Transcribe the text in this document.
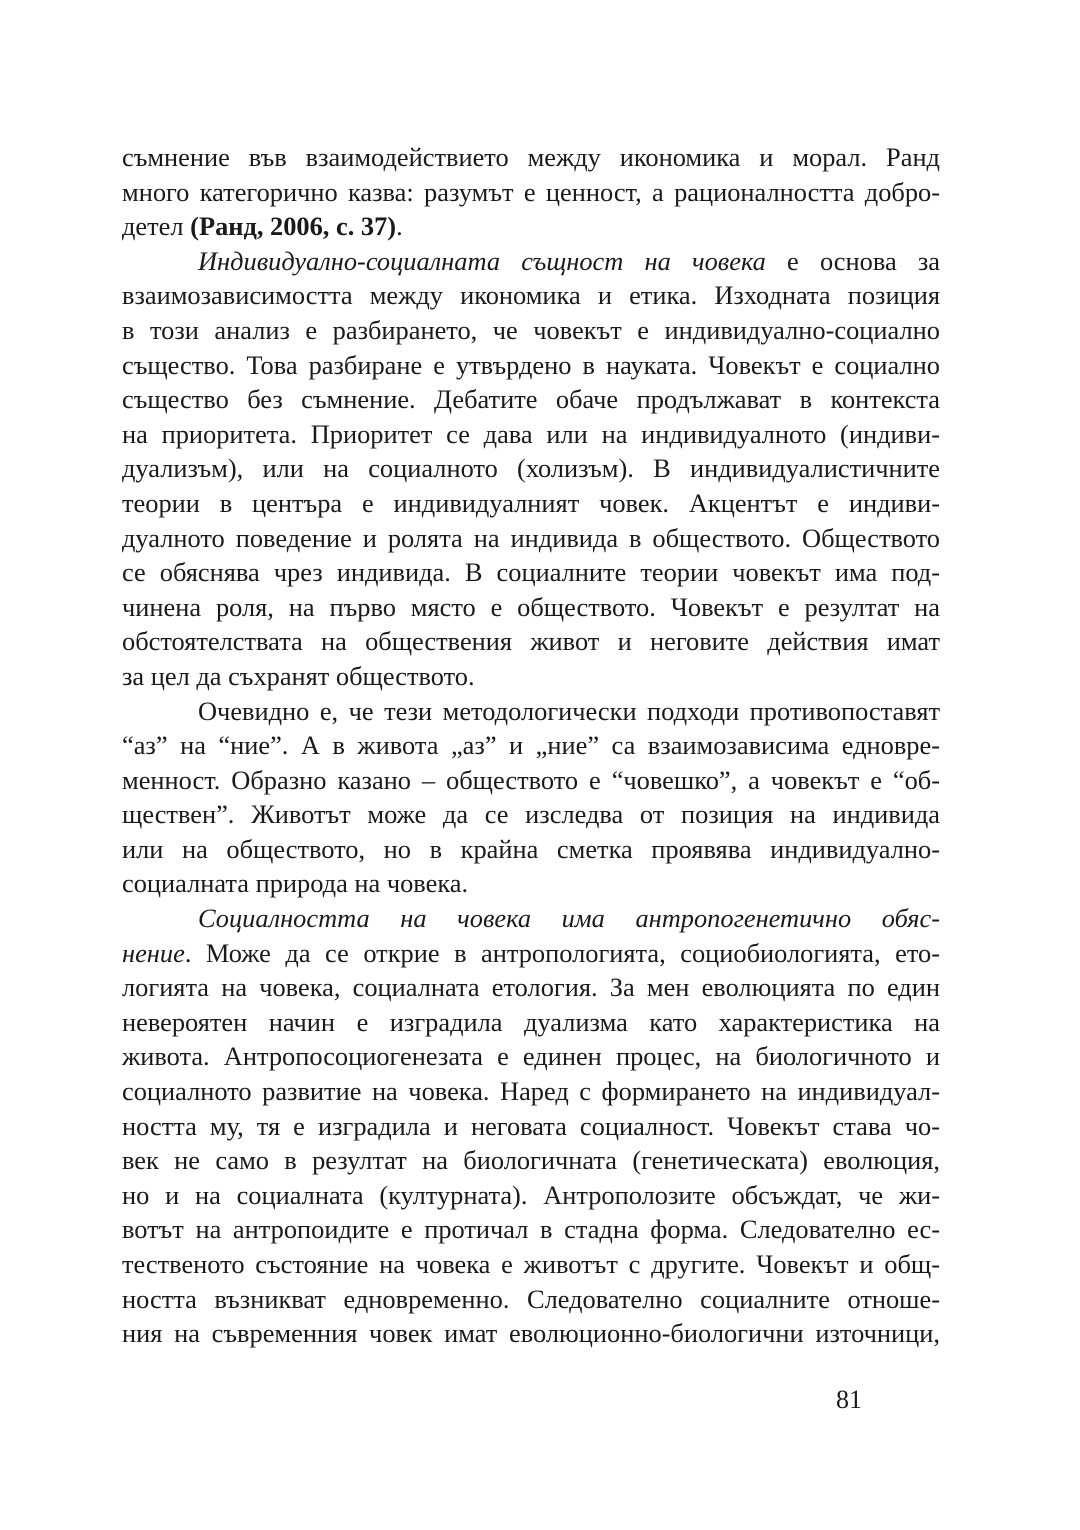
съмнение във взаимодействието между икономика и морал. Ранд
много категорично казва: разумът е ценност, а рационалността добро-
детел (Ранд, 2006, с. 37).
Индивидуално-социалната същност на човека е основа за
взаимозависимостта между икономика и етика. Изходната позиция
в този анализ е разбирането, че човекът е индивидуално-социално
същество. Това разбиране е утвърдено в науката. Човекът е социално
същество без съмнение. Дебатите обаче продължават в контекста
на приоритета. Приоритет се дава или на индивидуалното (индиви-
дуализъм), или на социалното (холизъм). В индивидуалистичните
теории в центъра е индивидуалният човек. Акцентът е индиви-
дуалното поведение и ролята на индивида в обществото. Обществото
се обяснява чрез индивида. В социалните теории човекът има под-
чинена роля, на първо място е обществото. Човекът е резултат на
обстоятелствата на обществения живот и неговите действия имат
за цел да съхранят обществото.
Очевидно е, че тези методологически подходи противопоставят
“аз” на “ние”. А в живота „аз” и „ние” са взаимозависима едновре-
менност. Образно казано – обществото е “човешко”, а човекът е “об-
ществен”. Животът може да се изследва от позиция на индивида
или на обществото, но в крайна сметка проявява индивидуално-
социалната природа на човека.
Социалността на човека има антропогенетично обяс-
нение. Може да се открие в антропологията, социобиологията, ето-
логията на човека, социалната етология. За мен еволюцията по един
невероятен начин е изградила дуализма като характеристика на
живота. Антропосоциогенезата е единен процес, на биологичното и
социалното развитие на човека. Наред с формирането на индивидуал-
ността му, тя е изградила и неговата социалност. Човекът става чо-
век не само в резултат на биологичната (генетическата) еволюция,
но и на социалната (културната). Антрополозите обсъждат, че жи-
вотът на антропоидите е протичал в стадна форма. Следователно ес-
тественото състояние на човека е животът с другите. Човекът и общ-
ността възникват едновременно. Следователно социалните отноше-
ния на съвременния човек имат еволюционно-биологични източници,
81
